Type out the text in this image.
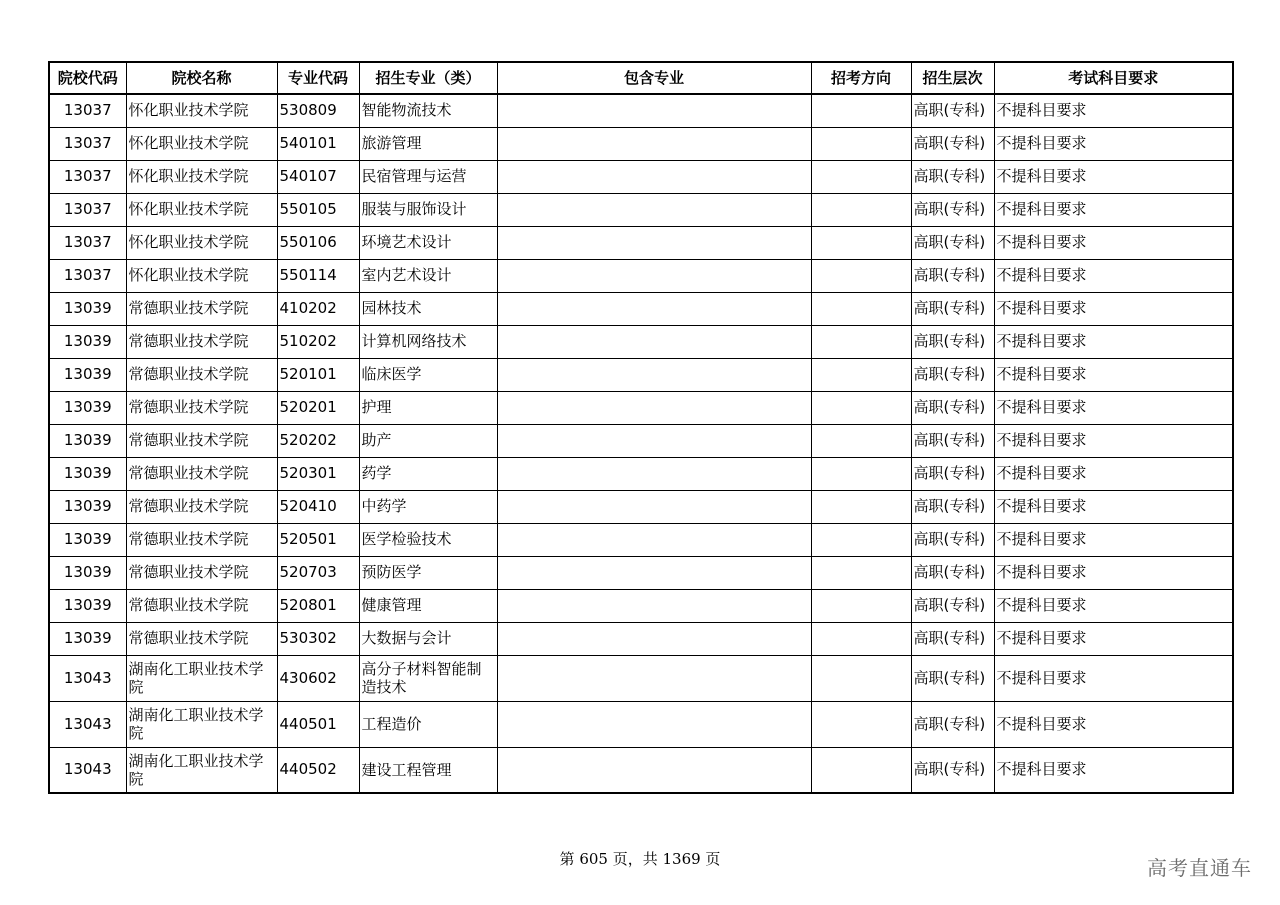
院校代码	院校名称	专业代码	招生专业（类）	包含专业	招考方向	招生层次	考试科目要求
13037	怀化职业技术学院	530809	智能物流技术			高职(专科)	不提科目要求
13037	怀化职业技术学院	540101	旅游管理			高职(专科)	不提科目要求
13037	怀化职业技术学院	540107	民宿管理与运营			高职(专科)	不提科目要求
13037	怀化职业技术学院	550105	服装与服饰设计			高职(专科)	不提科目要求
13037	怀化职业技术学院	550106	环境艺术设计			高职(专科)	不提科目要求
13037	怀化职业技术学院	550114	室内艺术设计			高职(专科)	不提科目要求
13039	常德职业技术学院	410202	园林技术			高职(专科)	不提科目要求
13039	常德职业技术学院	510202	计算机网络技术			高职(专科)	不提科目要求
13039	常德职业技术学院	520101	临床医学			高职(专科)	不提科目要求
13039	常德职业技术学院	520201	护理			高职(专科)	不提科目要求
13039	常德职业技术学院	520202	助产			高职(专科)	不提科目要求
13039	常德职业技术学院	520301	药学			高职(专科)	不提科目要求
13039	常德职业技术学院	520410	中药学			高职(专科)	不提科目要求
13039	常德职业技术学院	520501	医学检验技术			高职(专科)	不提科目要求
13039	常德职业技术学院	520703	预防医学			高职(专科)	不提科目要求
13039	常德职业技术学院	520801	健康管理			高职(专科)	不提科目要求
13039	常德职业技术学院	530302	大数据与会计			高职(专科)	不提科目要求
13043	湖南化工职业技术学院	430602	高分子材料智能制造技术			高职(专科)	不提科目要求
13043	湖南化工职业技术学院	440501	工程造价			高职(专科)	不提科目要求
13043	湖南化工职业技术学院	440502	建设工程管理			高职(专科)	不提科目要求
第 605 页，共 1369 页	高考直通车
